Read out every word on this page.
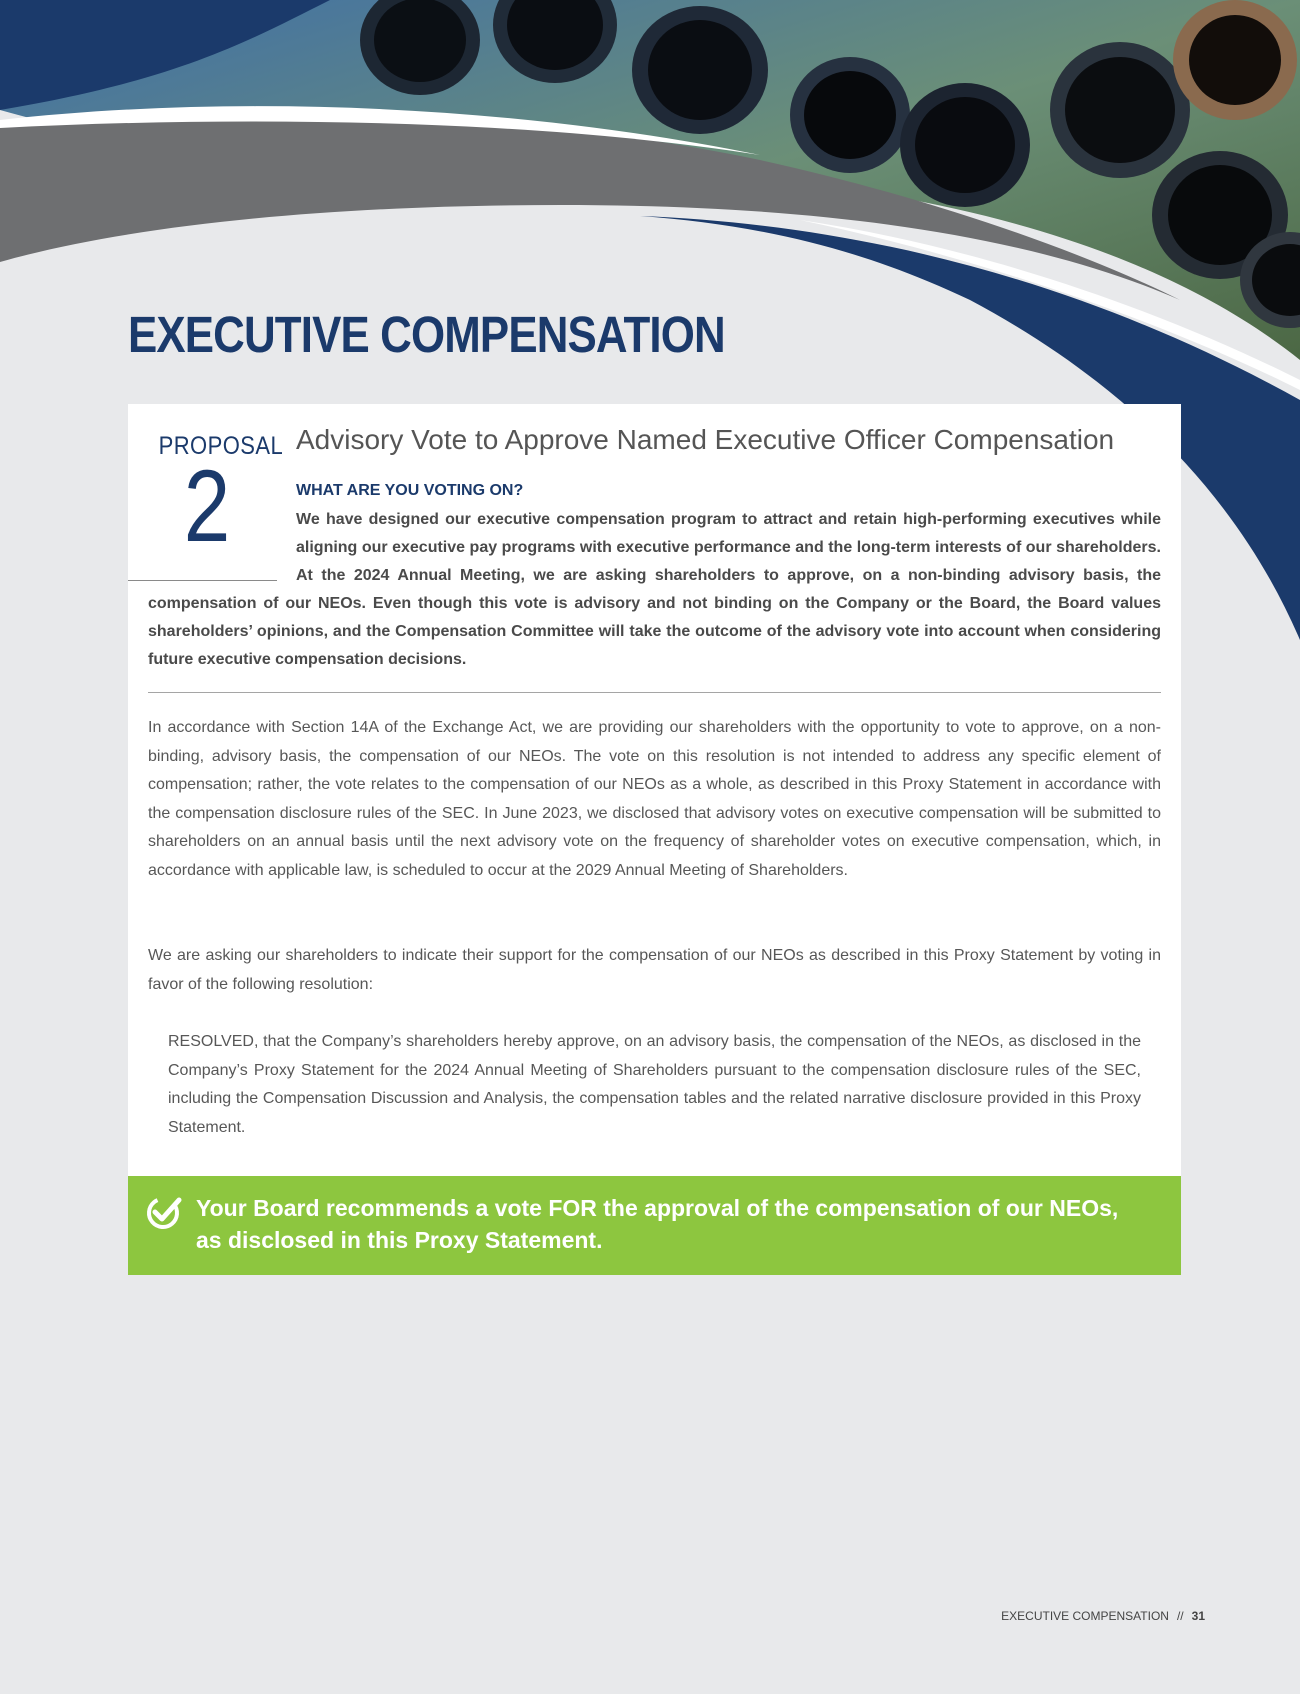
EXECUTIVE COMPENSATION
PROPOSAL
2
Advisory Vote to Approve Named Executive Officer Compensation
WHAT ARE YOU VOTING ON?
We have designed our executive compensation program to attract and retain high-performing executives while aligning our executive pay programs with executive performance and the long-term interests of our shareholders. At the 2024 Annual Meeting, we are asking shareholders to approve, on a non-binding advisory basis, the compensation of our NEOs. Even though this vote is advisory and not binding on the Company or the Board, the Board values shareholders’ opinions, and the Compensation Committee will take the outcome of the advisory vote into account when considering future executive compensation decisions.

In accordance with Section 14A of the Exchange Act, we are providing our shareholders with the opportunity to vote to approve, on a non-binding, advisory basis, the compensation of our NEOs. The vote on this resolution is not intended to address any specific element of compensation; rather, the vote relates to the compensation of our NEOs as a whole, as described in this Proxy Statement in accordance with the compensation disclosure rules of the SEC. In June 2023, we disclosed that advisory votes on executive compensation will be submitted to shareholders on an annual basis until the next advisory vote on the frequency of shareholder votes on executive compensation, which, in accordance with applicable law, is scheduled to occur at the 2029 Annual Meeting of Shareholders.

We are asking our shareholders to indicate their support for the compensation of our NEOs as described in this Proxy Statement by voting in favor of the following resolution:

RESOLVED, that the Company’s shareholders hereby approve, on an advisory basis, the compensation of the NEOs, as disclosed in the Company’s Proxy Statement for the 2024 Annual Meeting of Shareholders pursuant to the compensation disclosure rules of the SEC, including the Compensation Discussion and Analysis, the compensation tables and the related narrative disclosure provided in this Proxy Statement.

Your Board recommends a vote FOR the approval of the compensation of our NEOs,
as disclosed in this Proxy Statement.

EXECUTIVE COMPENSATION // 31
